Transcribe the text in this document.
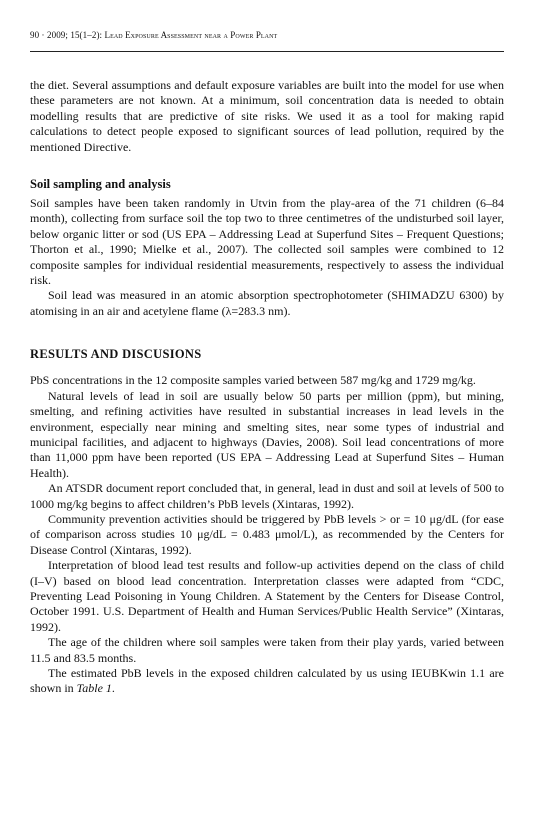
90 · 2009; 15(1–2): Lead Exposure Assessment near a Power Plant

the diet. Several assumptions and default exposure variables are built into the model for use when these parameters are not known. At a minimum, soil concentration data is needed to obtain modelling results that are predictive of site risks. We used it as a tool for making rapid calculations to detect people exposed to significant sources of lead pollution, required by the mentioned Directive.

Soil sampling and analysis

Soil samples have been taken randomly in Utvin from the play-area of the 71 children (6–84 month), collecting from surface soil the top two to three centimetres of the undisturbed soil layer, below organic litter or sod (US EPA – Addressing Lead at Superfund Sites – Frequent Questions; Thorton et al., 1990; Mielke et al., 2007). The collected soil samples were combined to 12 composite samples for individual residential measurements, respectively to assess the individual risk.

Soil lead was measured in an atomic absorption spectrophotometer (SHIMADZU 6300) by atomising in an air and acetylene flame (λ=283.3 nm).

RESULTS AND DISCUSIONS

PbS concentrations in the 12 composite samples varied between 587 mg/kg and 1729 mg/kg.

Natural levels of lead in soil are usually below 50 parts per million (ppm), but mining, smelting, and refining activities have resulted in substantial increases in lead levels in the environment, especially near mining and smelting sites, near some types of industrial and municipal facilities, and adjacent to highways (Davies, 2008). Soil lead concentrations of more than 11,000 ppm have been reported (US EPA – Addressing Lead at Superfund Sites – Human Health).

An ATSDR document report concluded that, in general, lead in dust and soil at levels of 500 to 1000 mg/kg begins to affect children’s PbB levels (Xintaras, 1992).

Community prevention activities should be triggered by PbB levels > or = 10 μg/dL (for ease of comparison across studies 10 μg/dL = 0.483 μmol/L), as recommended by the Centers for Disease Control (Xintaras, 1992).

Interpretation of blood lead test results and follow-up activities depend on the class of child (I–V) based on blood lead concentration. Interpretation classes were adapted from “CDC, Preventing Lead Poisoning in Young Children. A Statement by the Centers for Disease Control, October 1991. U.S. Department of Health and Human Services/Public Health Service” (Xintaras, 1992).

The age of the children where soil samples were taken from their play yards, varied between 11.5 and 83.5 months.

The estimated PbB levels in the exposed children calculated by us using IEUBKwin 1.1 are shown in Table 1.
